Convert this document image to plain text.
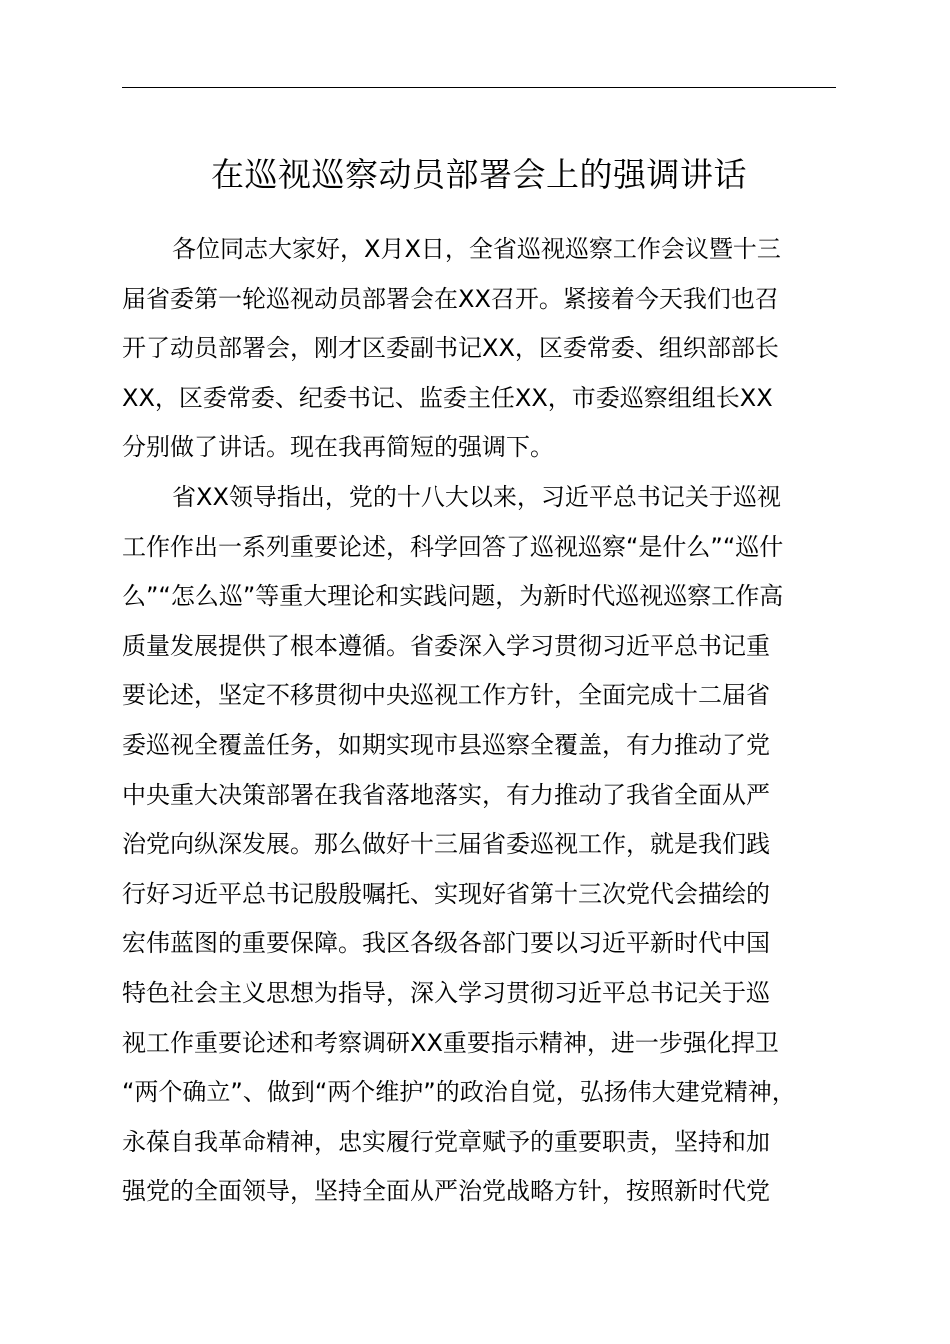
在巡视巡察动员部署会上的强调讲话
各位同志大家好，X月X日，全省巡视巡察工作会议暨十三
届省委第一轮巡视动员部署会在XX召开。紧接着今天我们也召
开了动员部署会，刚才区委副书记XX，区委常委、组织部部长
XX，区委常委、纪委书记、监委主任XX，市委巡察组组长XX
分别做了讲话。现在我再简短的强调下。
省XX领导指出，党的十八大以来，习近平总书记关于巡视
工作作出一系列重要论述，科学回答了巡视巡察“是什么”“巡什
么”“怎么巡”等重大理论和实践问题，为新时代巡视巡察工作高
质量发展提供了根本遵循。省委深入学习贯彻习近平总书记重
要论述，坚定不移贯彻中央巡视工作方针，全面完成十二届省
委巡视全覆盖任务，如期实现市县巡察全覆盖，有力推动了党
中央重大决策部署在我省落地落实，有力推动了我省全面从严
治党向纵深发展。那么做好十三届省委巡视工作，就是我们践
行好习近平总书记殷殷嘱托、实现好省第十三次党代会描绘的
宏伟蓝图的重要保障。我区各级各部门要以习近平新时代中国
特色社会主义思想为指导，深入学习贯彻习近平总书记关于巡
视工作重要论述和考察调研XX重要指示精神，进一步强化捍卫
“两个确立”、做到“两个维护”的政治自觉，弘扬伟大建党精神，
永葆自我革命精神，忠实履行党章赋予的重要职责，坚持和加
强党的全面领导，坚持全面从严治党战略方针，按照新时代党
